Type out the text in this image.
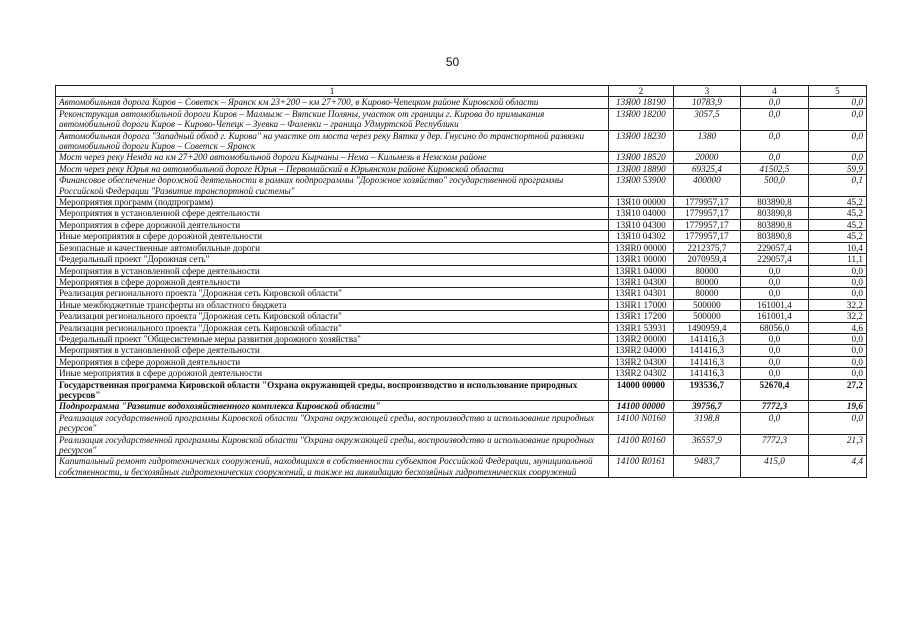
50
1	2	3	4	5
Автомобильная дорога Киров – Советск – Яранск км 23+200 – км 27+700, в Кирово-Чепецком районе Кировской области	13Я00 18190	10783,9	0,0	0,0
Реконструкция автомобильной дороги Киров – Малмыж – Вятские Поляны, участок от границы г. Кирова до примыкания автомобильной дороги Киров – Кирово-Чепецк – Зуевка – Фаленки – граница Удмуртской Республики	13Я00 18200	3057,5	0,0	0,0
Автомобильная дорога "Западный обход г. Кирова" на участке от моста через реку Вятка у дер. Гнусино до транспортной развязки автомобильной дороги Киров – Советск – Яранск	13Я00 18230	1380	0,0	0,0
Мост через реку Немда на км 27+200 автомобильной дороги Кырчаны – Нема – Кильмезь в Немском районе	13Я00 18520	20000	0,0	0,0
Мост через реку Юрья на автомобильной дороге Юрья – Первомайский в Юрьянском районе Кировской области	13Я00 18890	69325,4	41502,5	59,9
Финансовое обеспечение дорожной деятельности в рамках подпрограммы "Дорожное хозяйство" государственной программы Российской Федерации "Развитие транспортной системы"	13Я00 53900	400000	500,0	0,1
Мероприятия программ (подпрограмм)	13Я10 00000	1779957,17	803890,8	45,2
Мероприятия в установленной сфере деятельности	13Я10 04000	1779957,17	803890,8	45,2
Мероприятия в сфере дорожной деятельности	13Я10 04300	1779957,17	803890,8	45,2
Иные мероприятия в сфере дорожной деятельности	13Я10 04302	1779957,17	803890,8	45,2
Безопасные и качественные автомобильные дороги	13ЯR0 00000	2212375,7	229057,4	10,4
Федеральный проект "Дорожная сеть"	13ЯR1 00000	2070959,4	229057,4	11,1
Мероприятия в установленной сфере деятельности	13ЯR1 04000	80000	0,0	0,0
Мероприятия в сфере дорожной деятельности	13ЯR1 04300	80000	0,0	0,0
Реализация регионального проекта "Дорожная сеть Кировской области"	13ЯR1 04301	80000	0,0	0,0
Иные межбюджетные трансферты из областного бюджета	13ЯR1 17000	500000	161001,4	32,2
Реализация регионального проекта "Дорожная сеть Кировской области"	13ЯR1 17200	500000	161001,4	32,2
Реализация регионального проекта "Дорожная сеть Кировской области"	13ЯR1 53931	1490959,4	68056,0	4,6
Федеральный проект "Общесистемные меры развития дорожного хозяйства"	13ЯR2 00000	141416,3	0,0	0,0
Мероприятия в установленной сфере деятельности	13ЯR2 04000	141416,3	0,0	0,0
Мероприятия в сфере дорожной деятельности	13ЯR2 04300	141416,3	0,0	0,0
Иные мероприятия в сфере дорожной деятельности	13ЯR2 04302	141416,3	0,0	0,0
Государственная программа Кировской области "Охрана окружающей среды, воспроизводство и использование природных ресурсов"	14000 00000	193536,7	52670,4	27,2
Подпрограмма "Развитие водохозяйственного комплекса Кировской области"	14100 00000	39756,7	7772,3	19,6
Реализация государственной программы Кировской области "Охрана окружающей среды, воспроизводство и использование природных ресурсов"	14100 N0160	3198,8	0,0	0,0
Реализация государственной программы Кировской области "Охрана окружающей среды, воспроизводство и использование природных ресурсов"	14100 R0160	36557,9	7772,3	21,3
Капитальный ремонт гидротехнических сооружений, находящихся в собственности субъектов Российской Федерации, муниципальной собственности, и бесхозяйных гидротехнических сооружений, а также на ликвидацию бесхозяйных гидротехнических сооружений	14100 R0161	9483,7	415,0	4,4
